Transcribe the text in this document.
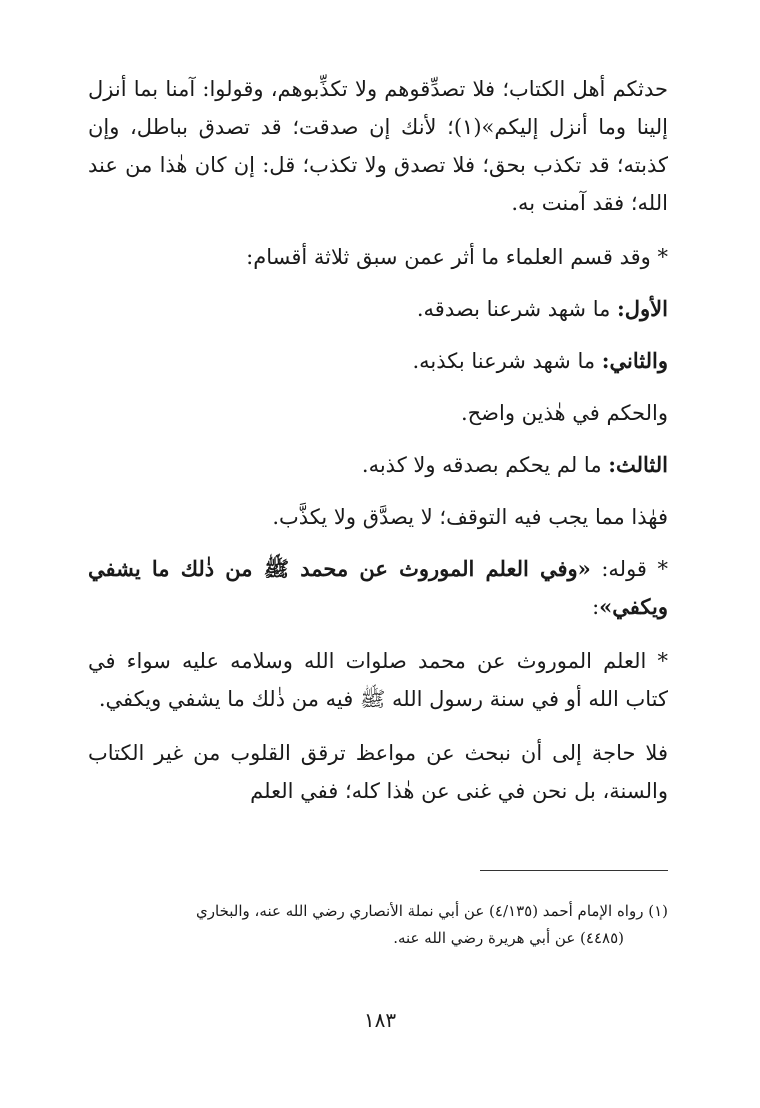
حدثكم أهل الكتاب؛ فلا تصدِّقوهم ولا تكذِّبوهم، وقولوا: آمنا بما أنزل إلينا وما أنزل إليكم»(١)؛ لأنك إن صدقت؛ قد تصدق بباطل، وإن كذبته؛ قد تكذب بحق؛ فلا تصدق ولا تكذب؛ قل: إن كان هٰذا من عند الله؛ فقد آمنت به.

* وقد قسم العلماء ما أثر عمن سبق ثلاثة أقسام:

الأول: ما شهد شرعنا بصدقه.

والثاني: ما شهد شرعنا بكذبه.

والحكم في هٰذين واضح.

الثالث: ما لم يحكم بصدقه ولا كذبه.

فهٰذا مما يجب فيه التوقف؛ لا يصدَّق ولا يكذَّب.

* قوله: «وفي العلم الموروث عن محمد ﷺ من ذٰلك ما يشفي ويكفي»:

* العلم الموروث عن محمد صلوات الله وسلامه عليه سواء في كتاب الله أو في سنة رسول الله ﷺ فيه من ذٰلك ما يشفي ويكفي.

فلا حاجة إلى أن نبحث عن مواعظ ترقق القلوب من غير الكتاب والسنة، بل نحن في غنى عن هٰذا كله؛ ففي العلم

(١) رواه الإمام أحمد (٤/١٣٥) عن أبي نملة الأنصاري رضي الله عنه، والبخاري

(٤٤٨٥) عن أبي هريرة رضي الله عنه.

١٨٣
